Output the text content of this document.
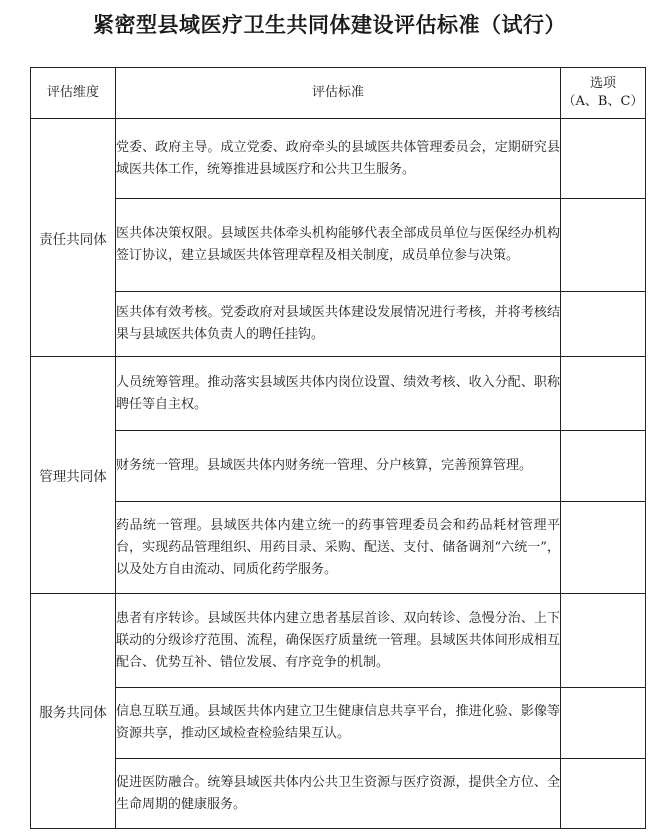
紧密型县域医疗卫生共同体建设评估标准（试行）
评估维度	评估标准	选项
（A、B、C）

责任共同体	党委、政府主导。成立党委、政府牵头的县域医共体管理委员会，定期研究县域医共体工作，统筹推进县域医疗和公共卫生服务。	
	医共体决策权限。县域医共体牵头机构能够代表全部成员单位与医保经办机构签订协议，建立县域医共体管理章程及相关制度，成员单位参与决策。	
	医共体有效考核。党委政府对县域医共体建设发展情况进行考核，并将考核结果与县域医共体负责人的聘任挂钩。	
管理共同体	人员统筹管理。推动落实县域医共体内岗位设置、绩效考核、收入分配、职称聘任等自主权。	
	财务统一管理。县域医共体内财务统一管理、分户核算，完善预算管理。	
	药品统一管理。县域医共体内建立统一的药事管理委员会和药品耗材管理平台，实现药品管理组织、用药目录、采购、配送、支付、储备调剂“六统一”，以及处方自由流动、同质化药学服务。	
服务共同体	患者有序转诊。县域医共体内建立患者基层首诊、双向转诊、急慢分治、上下联动的分级诊疗范围、流程，确保医疗质量统一管理。县域医共体间形成相互配合、优势互补、错位发展、有序竞争的机制。	
	信息互联互通。县域医共体内建立卫生健康信息共享平台，推进化验、影像等资源共享，推动区域检查检验结果互认。	
	促进医防融合。统筹县域医共体内公共卫生资源与医疗资源，提供全方位、全生命周期的健康服务。	
